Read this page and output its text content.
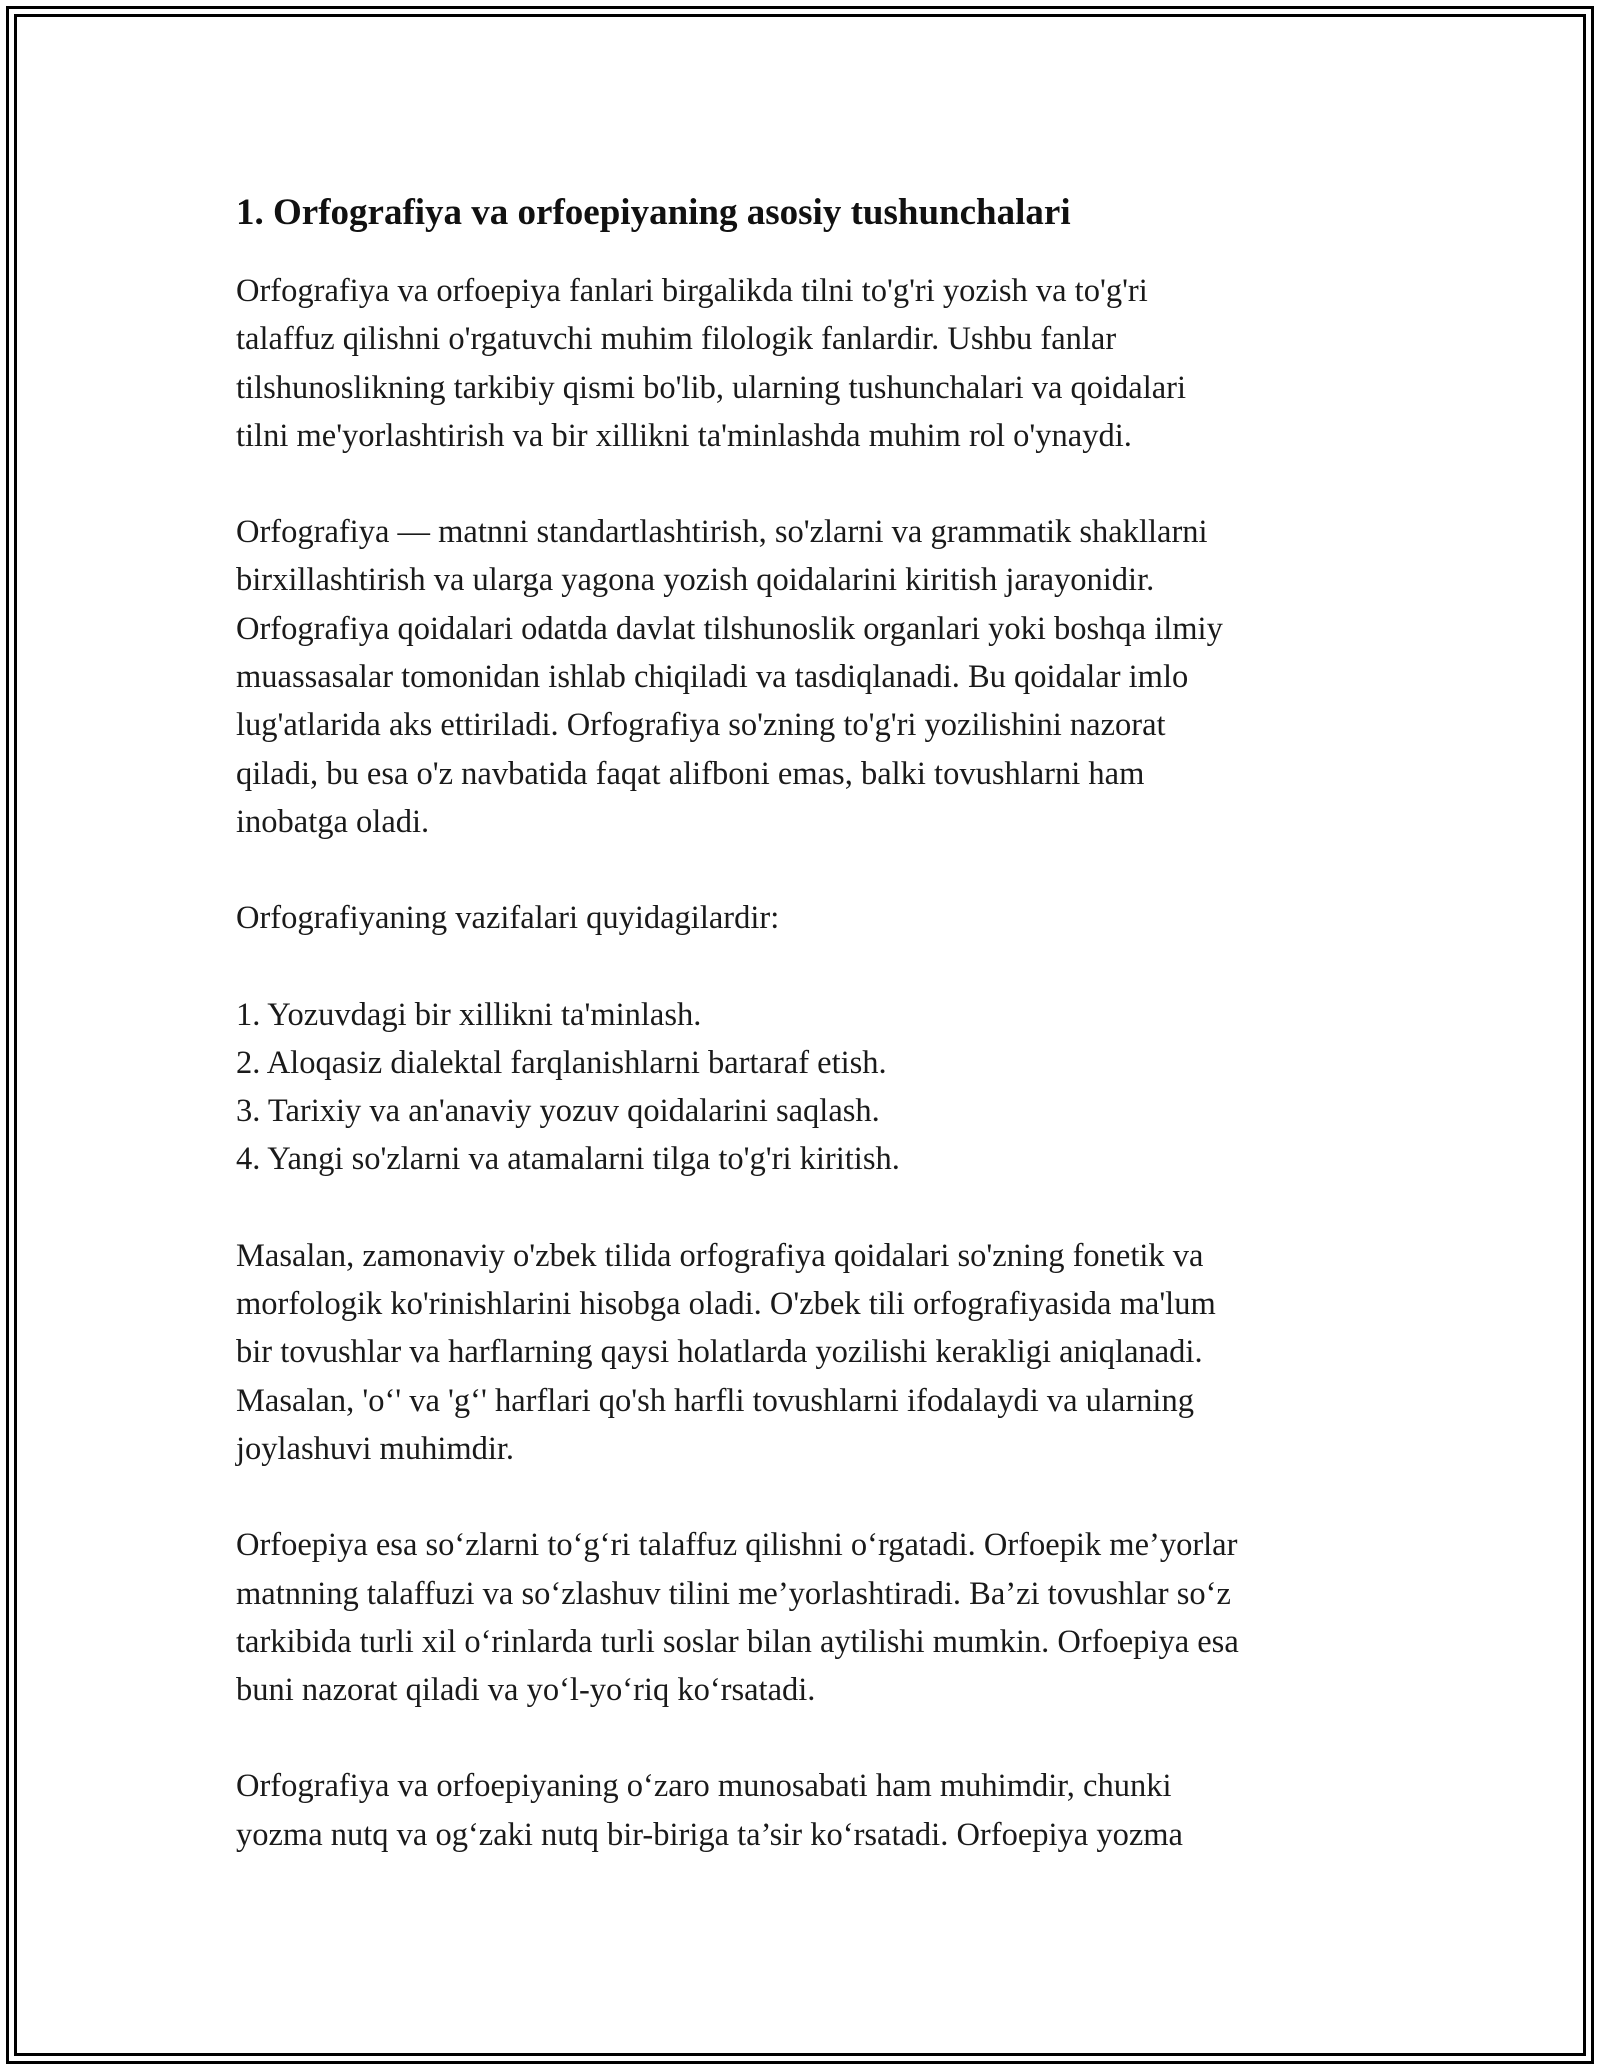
1. Orfografiya va orfoepiyaning asosiy tushunchalari

Orfografiya va orfoepiya fanlari birgalikda tilni to'g'ri yozish va to'g'ri
talaffuz qilishni o'rgatuvchi muhim filologik fanlardir. Ushbu fanlar
tilshunoslikning tarkibiy qismi bo'lib, ularning tushunchalari va qoidalari
tilni me'yorlashtirish va bir xillikni ta'minlashda muhim rol o'ynaydi.

Orfografiya — matnni standartlashtirish, so'zlarni va grammatik shakllarni
birxillashtirish va ularga yagona yozish qoidalarini kiritish jarayonidir.
Orfografiya qoidalari odatda davlat tilshunoslik organlari yoki boshqa ilmiy
muassasalar tomonidan ishlab chiqiladi va tasdiqlanadi. Bu qoidalar imlo
lug'atlarida aks ettiriladi. Orfografiya so'zning to'g'ri yozilishini nazorat
qiladi, bu esa o'z navbatida faqat alifboni emas, balki tovushlarni ham
inobatga oladi.

Orfografiyaning vazifalari quyidagilardir:

1. Yozuvdagi bir xillikni ta'minlash.
2. Aloqasiz dialektal farqlanishlarni bartaraf etish.
3. Tarixiy va an'anaviy yozuv qoidalarini saqlash.
4. Yangi so'zlarni va atamalarni tilga to'g'ri kiritish.

Masalan, zamonaviy o'zbek tilida orfografiya qoidalari so'zning fonetik va
morfologik ko'rinishlarini hisobga oladi. O'zbek tili orfografiyasida ma'lum
bir tovushlar va harflarning qaysi holatlarda yozilishi kerakligi aniqlanadi.
Masalan, 'o‘' va 'g‘' harflari qo'sh harfli tovushlarni ifodalaydi va ularning
joylashuvi muhimdir.

Orfoepiya esa so‘zlarni to‘g‘ri talaffuz qilishni o‘rgatadi. Orfoepik me’yorlar
matnning talaffuzi va so‘zlashuv tilini me’yorlashtiradi. Ba’zi tovushlar so‘z
tarkibida turli xil o‘rinlarda turli soslar bilan aytilishi mumkin. Orfoepiya esa
buni nazorat qiladi va yo‘l-yo‘riq ko‘rsatadi.

Orfografiya va orfoepiyaning o‘zaro munosabati ham muhimdir, chunki
yozma nutq va og‘zaki nutq bir-biriga ta’sir ko‘rsatadi. Orfoepiya yozma
